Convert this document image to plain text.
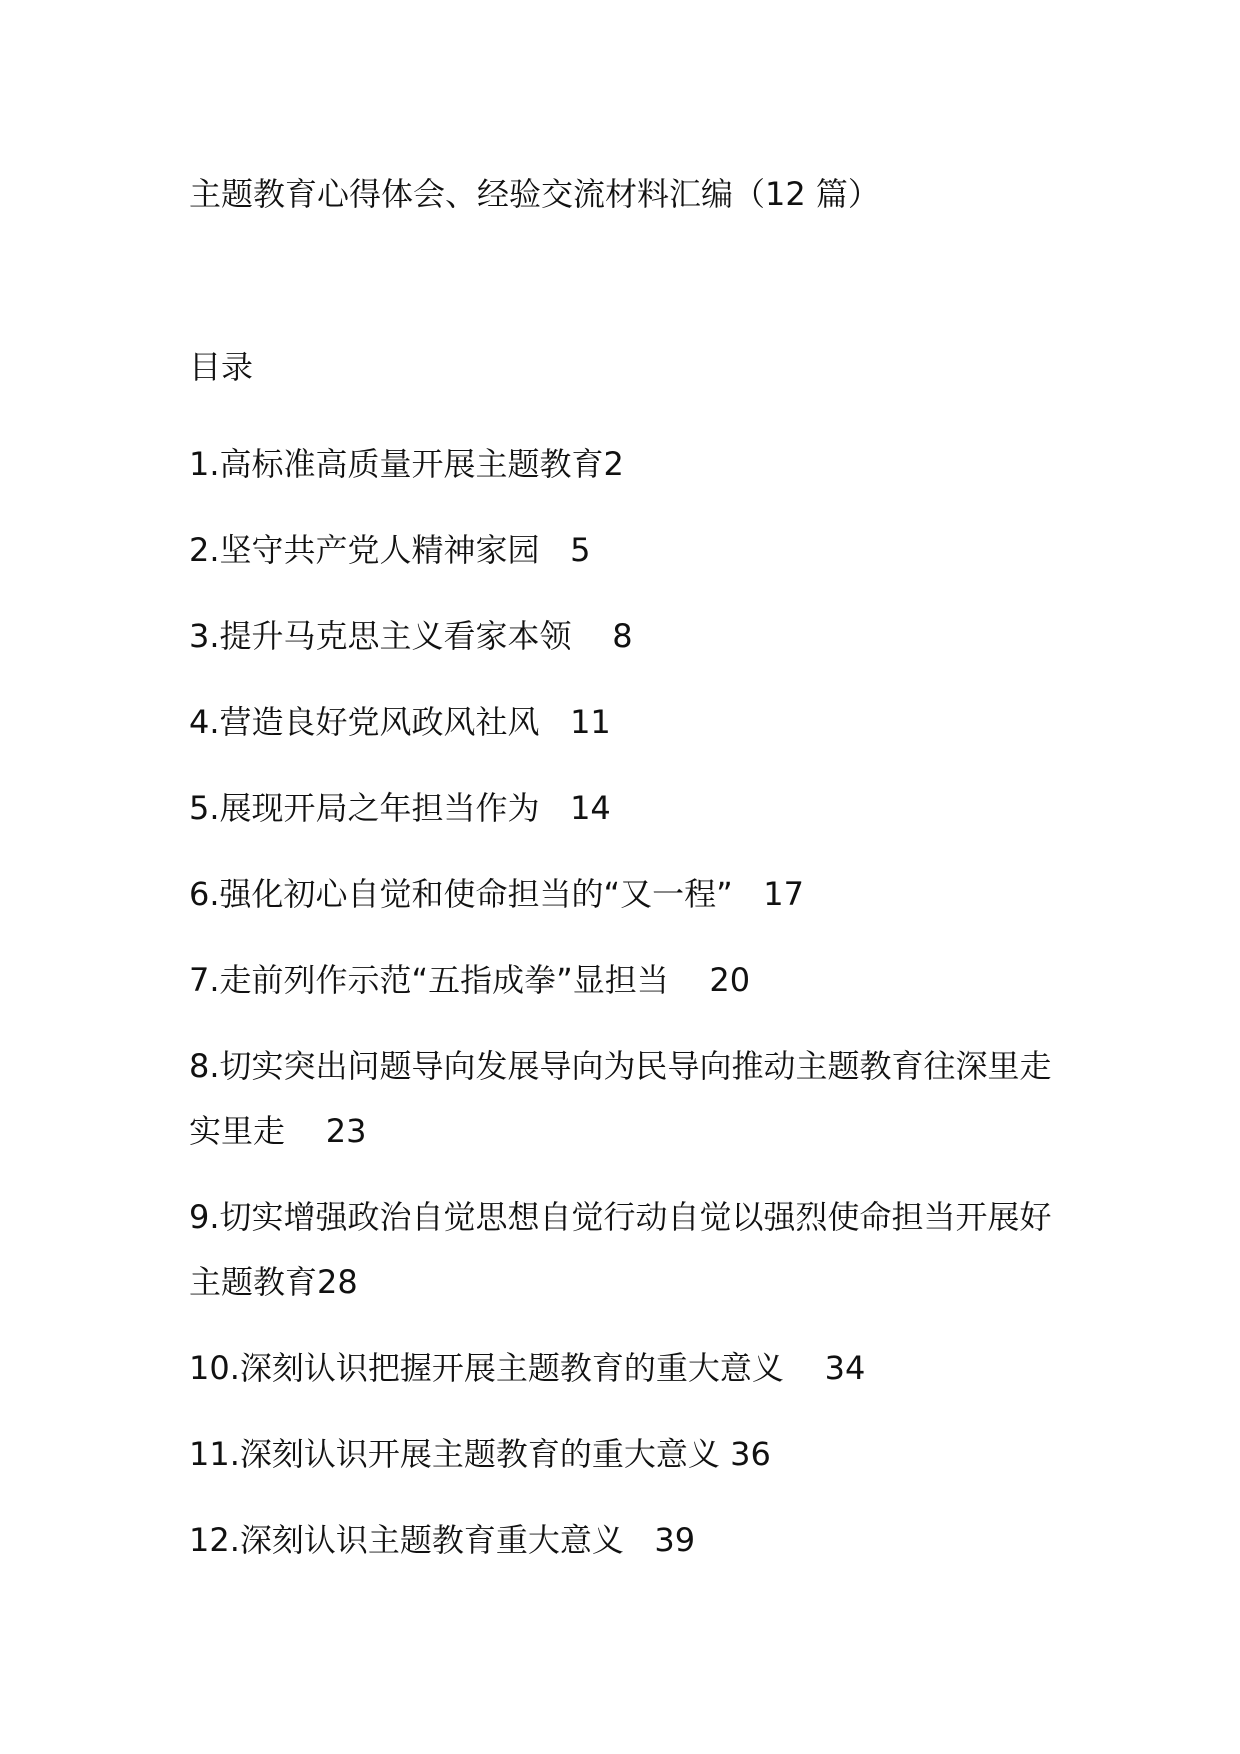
主题教育心得体会、经验交流材料汇编（12 篇）
目录
1.高标准高质量开展主题教育2
2.坚守共产党人精神家园 5
3.提升马克思主义看家本领 8
4.营造良好党风政风社风 11
5.展现开局之年担当作为 14
6.强化初心自觉和使命担当的“又一程” 17
7.走前列作示范“五指成拳”显担当 20
8.切实突出问题导向发展导向为民导向推动主题教育往深里走实里走 23
9.切实增强政治自觉思想自觉行动自觉以强烈使命担当开展好主题教育28
10.深刻认识把握开展主题教育的重大意义 34
11.深刻认识开展主题教育的重大意义 36
12.深刻认识主题教育重大意义 39
